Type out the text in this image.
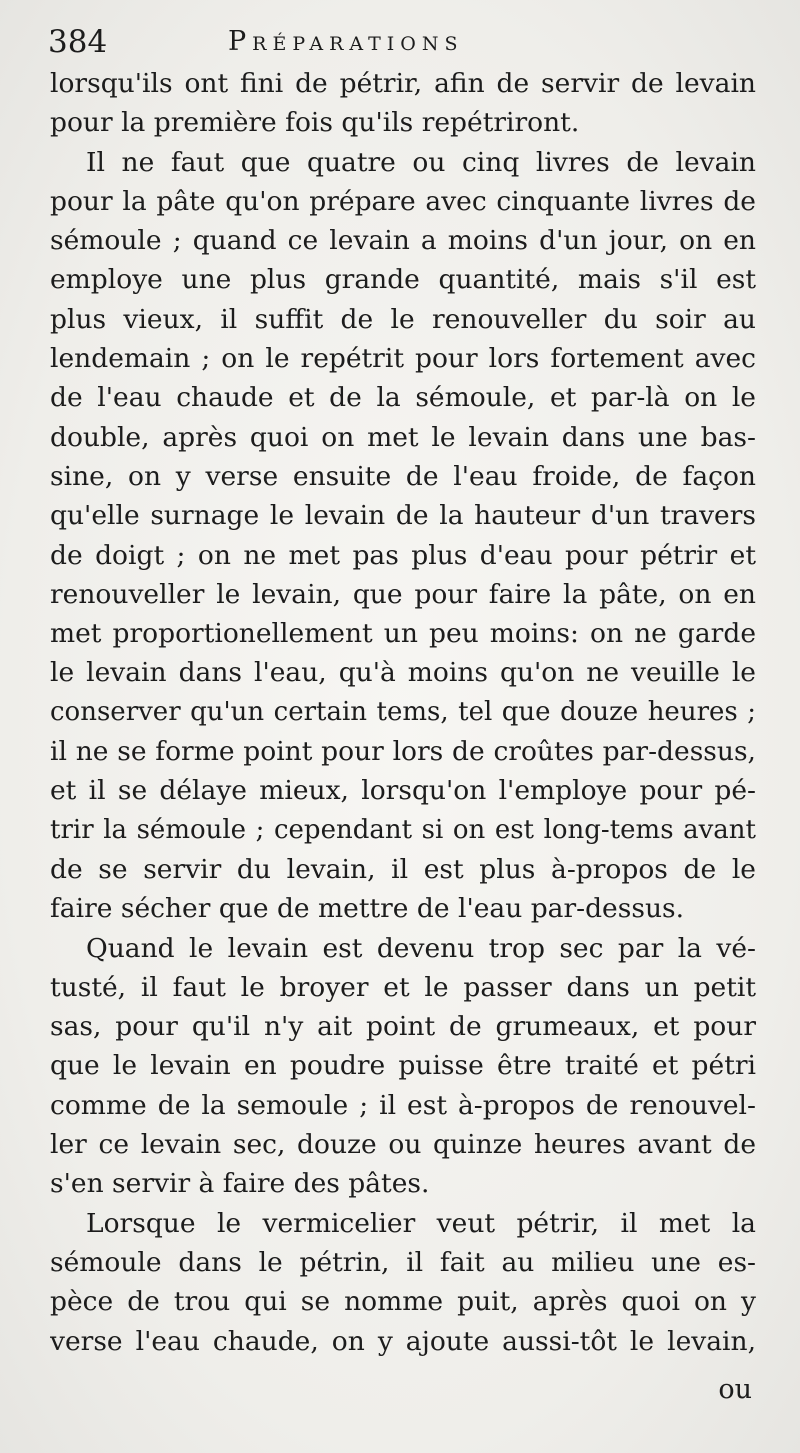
384	Préparations
lorsqu'ils ont fini de pétrir, afin de servir de levain
pour la première fois qu'ils repétriront.
Il ne faut que quatre ou cinq livres de levain
pour la pâte qu'on prépare avec cinquante livres de
sémoule ; quand ce levain a moins d'un jour, on en
employe une plus grande quantité, mais s'il est
plus vieux, il suffit de le renouveller du soir au
lendemain ; on le repétrit pour lors fortement avec
de l'eau chaude et de la sémoule, et par-là on le
double, après quoi on met le levain dans une bas-
sine, on y verse ensuite de l'eau froide, de façon
qu'elle surnage le levain de la hauteur d'un travers
de doigt ; on ne met pas plus d'eau pour pétrir et
renouveller le levain, que pour faire la pâte, on en
met proportionellement un peu moins: on ne garde
le levain dans l'eau, qu'à moins qu'on ne veuille le
conserver qu'un certain tems, tel que douze heures ;
il ne se forme point pour lors de croûtes par-dessus,
et il se délaye mieux, lorsqu'on l'employe pour pé-
trir la sémoule ; cependant si on est long-tems avant
de se servir du levain, il est plus à-propos de le
faire sécher que de mettre de l'eau par-dessus.
Quand le levain est devenu trop sec par la vé-
tusté, il faut le broyer et le passer dans un petit
sas, pour qu'il n'y ait point de grumeaux, et pour
que le levain en poudre puisse être traité et pétri
comme de la semoule ; il est à-propos de renouvel-
ler ce levain sec, douze ou quinze heures avant de
s'en servir à faire des pâtes.
Lorsque le vermicelier veut pétrir, il met la
sémoule dans le pétrin, il fait au milieu une es-
pèce de trou qui se nomme puit, après quoi on y
verse l'eau chaude, on y ajoute aussi-tôt le levain,
ou
